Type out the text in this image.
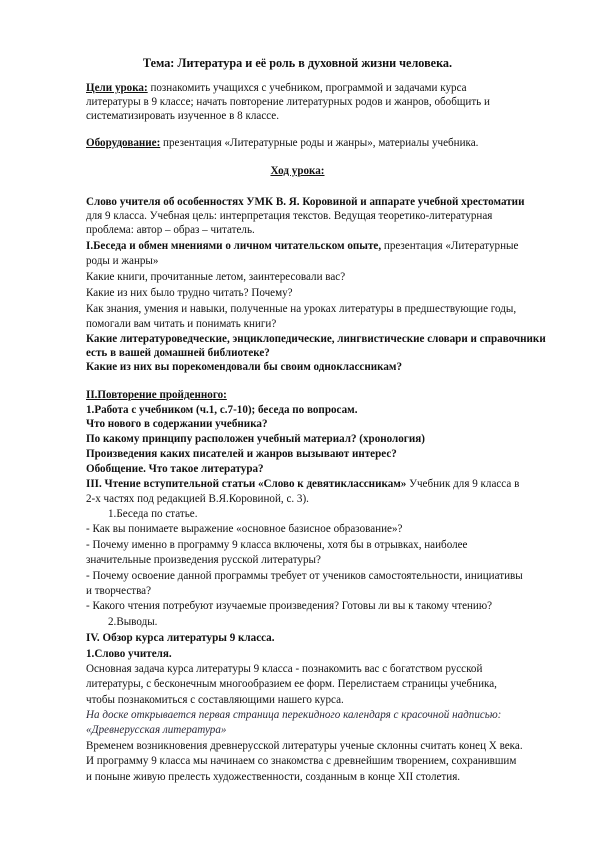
Тема: Литература и её роль в духовной жизни человека.
Цели урока: познакомить учащихся с учебником, программой и задачами курса
литературы в 9 классе; начать повторение литературных родов и жанров, обобщить и
систематизировать изученное в 8 классе.
Оборудование: презентация «Литературные роды и жанры», материалы учебника.
Ход урока:
Слово учителя об особенностях УМК В. Я. Коровиной и аппарате учебной хрестоматии
для 9 класса. Учебная цель: интерпретация текстов. Ведущая теоретико-литературная
проблема: автор – образ – читатель.
I.Беседа и обмен мнениями о личном читательском опыте, презентация «Литературные
роды и жанры»
Какие книги, прочитанные летом, заинтересовали вас?
Какие из них было трудно читать? Почему?
Как знания, умения и навыки, полученные на уроках литературы в предшествующие годы,
помогали вам читать и понимать книги?
Какие литературоведческие, энциклопедические, лингвистические словари и справочники
есть в вашей домашней библиотеке?
Какие из них вы порекомендовали бы своим одноклассникам?
II.Повторение пройденного:
1.Работа с учебником (ч.1, с.7-10); беседа по вопросам.
Что нового в содержании учебника?
По какому принципу расположен учебный материал? (хронология)
Произведения каких писателей и жанров вызывают интерес?
Обобщение. Что такое литература?
III. Чтение вступительной статьи «Слово к девятиклассникам» Учебник для 9 класса в
2-х частях под редакцией В.Я.Коровиной, с. 3).
1.Беседа по статье.
- Как вы понимаете выражение «основное базисное образование»?
- Почему именно в программу 9 класса включены, хотя бы в отрывках, наиболее
значительные произведения русской литературы?
- Почему освоение данной программы требует от учеников самостоятельности, инициативы
и творчества?
- Какого чтения потребуют изучаемые произведения? Готовы ли вы к такому чтению?
2.Выводы.
IV. Обзор курса литературы 9 класса.
1.Слово учителя.
Основная задача курса литературы 9 класса - познакомить вас с богатством русской
литературы, с бесконечным многообразием ее форм. Перелистаем страницы учебника,
чтобы познакомиться с составляющими нашего курса.
На доске открывается первая страница перекидного календаря с красочной надписью:
«Древнерусская литература»
Временем возникновения древнерусской литературы ученые склонны считать конец X века.
И программу 9 класса мы начинаем со знакомства с древнейшим творением, сохранившим
и поныне живую прелесть художественности, созданным в конце XII столетия.
